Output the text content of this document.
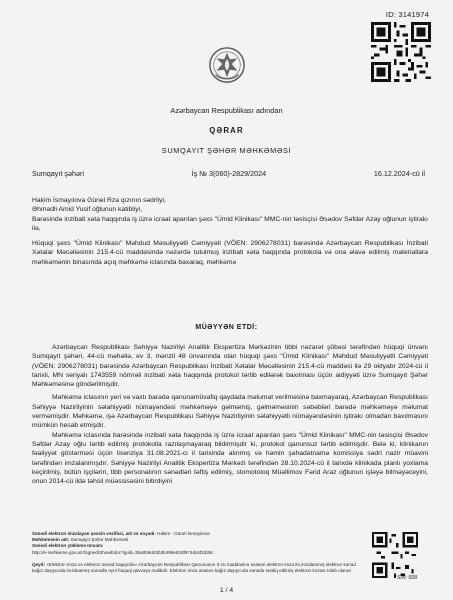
ID: 3141974
Azərbaycan Respublikası adından
QƏRAR
SUMQAYIT ŞƏHƏR MƏHKƏMƏSİ
Sumqayıt şəhəri	İş № 3(060)-2829/2024	16.12.2024-cü il

Hakim İsmayılova Günel Rza qızının sədrliyi,

Əhmədli Amid Yusif oğlunun katibliyi,

Barəsində inzibati xəta haqqında iş üzrə icraat aparılan şəxs "Ümid Klinikası" MMC-nin təsisçisi Əsədov Səfdər Azay oğlunun iştirakı ilə,

Hüquqi şəxs "Ümid Klinikası" Məhdud Məsuliyyətli Cəmiyyəti (VÖEN: 2906278031) barəsində Azərbaycan Respublikası İnzibati Xətalar Məcəlləsinin 215.4-cü maddəsində nəzərdə tutulmuş inzibati xəta haqqında protokola və ona əlavə edilmiş materiallara məhkəmənin binasında açıq məhkəmə iclasında baxaraq, məhkəmə

MÜƏYYƏN ETDİ:

Azərbaycan Respublikası Səhiyyə Nazirliyi Analitik Ekspertiza Mərkəzinin tibbi nəzarət şöbəsi tərəfindən hüquqi ünvanı Sumqayıt şəhəri, 44-cü məhəllə, ev 3, mənzil 48 ünvanında olan hüquqi şəxs "Ümid Klinikası" Məhdud Məsuliyyətli Cəmiyyəti (VÖEN: 2906278031) barəsində Azərbaycan Respublikası İnzibati Xətalar Məcəlləsinin 215.4-cü maddəsi ilə 29 oktyabr 2024-cü il tarixli, MN seriyalı 1743559 nömrəli inzibati xəta haqqında protokol tərtib edilərək baxılması üçün aidiyyəti üzrə Sumqayıt Şəhər Məhkəməsinə göndərilmişdir.

Məhkəmə iclasının yeri və vaxtı barədə qanunamüvafiq qaydada məlumat verilməsinə baxmayaraq, Azərbaycan Respublikası Səhiyyə Nazirliyinin səlahiyyətli nümayəndəsi məhkəməyə gəlməmiş, gəlməməsinin səbəbləri barədə məhkəməyə məlumat verməmişdir. Məhkəmə, işə Azərbaycan Respublikası Səhiyyə Nazirliyinin səlahiyyətli nümayəndəsinin iştirakı olmadan baxılmasını mümkün hesab etmişdir.

Məhkəmə iclasında barəsində inzibati xəta haqqında iş üzrə icraat aparılan şəxs "Ümid Klinikası" MMC-nin təsisçisi Əsədov Səfdər Azay oğlu tərtib edilmiş protokolla razılaşmayaraq bildirmişdir ki, protokol qanunsuz tərtib edilmişdir. Belə ki, klinikanın fəaliyyət göstərməsi üçün lisenziya 31.08.2021-ci il tarixində alınmış və həmin şəhadətnamə komissiya sədri nazir müavini tərəfindən imzalanmışdır. Səhiyyə Nazirliyi Analitik Ekspertiza Mərkəzi tərəfindən 28.10.2024-cü il tarixdə klinikada planlı yoxlama keçirilmiş, bütün işçilərin, tibb personalının sənədləri təftiş edilmiş, stomotoloq Müəllimov Fərid Araz oğlunun işləyə bilməyəceyini, onun 2014-cü ildə təhsil müəssisəsini bitirdiyini

Sənədi elektron imzalayan şəxsin vəzifəsi, adı və soyadı: Hakim - Günel İsmayılova
Məhkəmənin adı: Sumqayıt Şəhər Məhkəməsi
Sənədi elektron yükləmə ünvanı:
http://e-mehkeme.gov.az/Signed/ShowEdoc?guid=35a0b9d43b3b498e63df974dc6f2d35c
Qeyd: «Elektron imza və elektron sənəd haqqında» Azərbaycan Respublikası Qanununun 3-cü maddəsinə əsasən elektron imza ilə imzalanmış elektron sənəd kağız daşıyıcıda imzalanmış sənədlə eyni hüquqi qüvvəyə malikdir. Elektron imza əsasən kağız daşıyıcıda sənədə təsdiq edilmiş elektron imzası tələb olunur.
S/N: 008
1 / 4
